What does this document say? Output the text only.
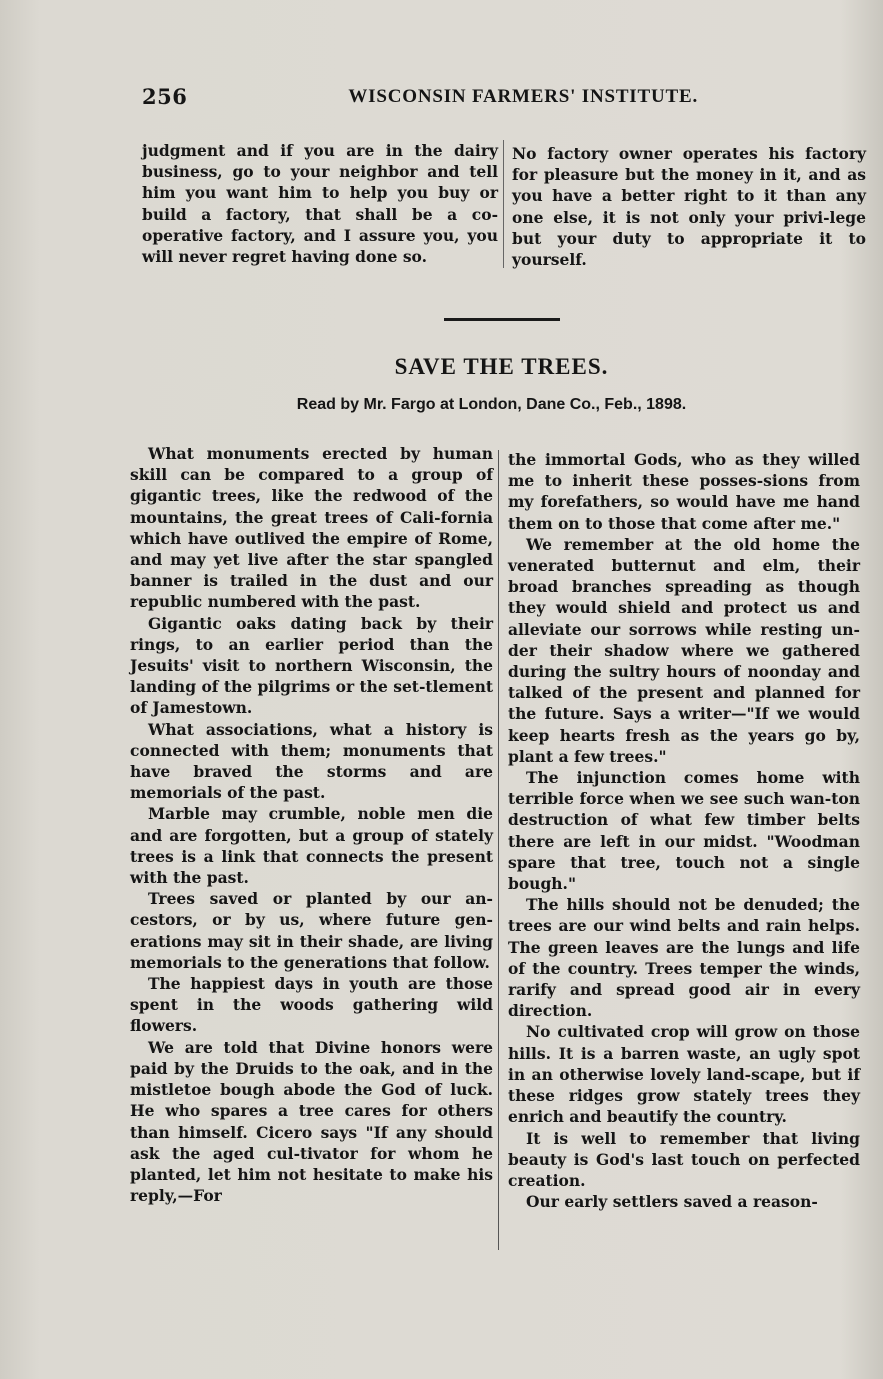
256	WISCONSIN FARMERS' INSTITUTE.

judgment and if you are in the dairy business, go to your neighbor and tell him you want him to help you buy or build a factory, that shall be a co-operative factory, and I assure you, you will never regret having done so.

No factory owner operates his factory for pleasure but the money in it, and as you have a better right to it than any one else, it is not only your privi-lege but your duty to appropriate it to yourself.

SAVE THE TREES.
Read by Mr. Fargo at London, Dane Co., Feb., 1898.

What monuments erected by human skill can be compared to a group of gigantic trees, like the redwood of the mountains, the great trees of Cali-fornia which have outlived the empire of Rome, and may yet live after the star spangled banner is trailed in the dust and our republic numbered with the past.

Gigantic oaks dating back by their rings, to an earlier period than the Jesuits' visit to northern Wisconsin, the landing of the pilgrims or the set-tlement of Jamestown.

What associations, what a history is connected with them; monuments that have braved the storms and are memorials of the past.

Marble may crumble, noble men die and are forgotten, but a group of stately trees is a link that connects the present with the past.

Trees saved or planted by our an-cestors, or by us, where future gen-erations may sit in their shade, are living memorials to the generations that follow.

The happiest days in youth are those spent in the woods gathering wild flowers.

We are told that Divine honors were paid by the Druids to the oak, and in the mistletoe bough abode the God of luck. He who spares a tree cares for others than himself. Cicero says "If any should ask the aged cul-tivator for whom he planted, let him not hesitate to make his reply,—For

the immortal Gods, who as they willed me to inherit these posses-sions from my forefathers, so would have me hand them on to those that come after me."

We remember at the old home the venerated butternut and elm, their broad branches spreading as though they would shield and protect us and alleviate our sorrows while resting un-der their shadow where we gathered during the sultry hours of noonday and talked of the present and planned for the future. Says a writer—"If we would keep hearts fresh as the years go by, plant a few trees."

The injunction comes home with terrible force when we see such wan-ton destruction of what few timber belts there are left in our midst. "Woodman spare that tree, touch not a single bough."

The hills should not be denuded; the trees are our wind belts and rain helps. The green leaves are the lungs and life of the country. Trees temper the winds, rarify and spread good air in every direction.

No cultivated crop will grow on those hills. It is a barren waste, an ugly spot in an otherwise lovely land-scape, but if these ridges grow stately trees they enrich and beautify the country.

It is well to remember that living beauty is God's last touch on perfected creation.

Our early settlers saved a reason-
